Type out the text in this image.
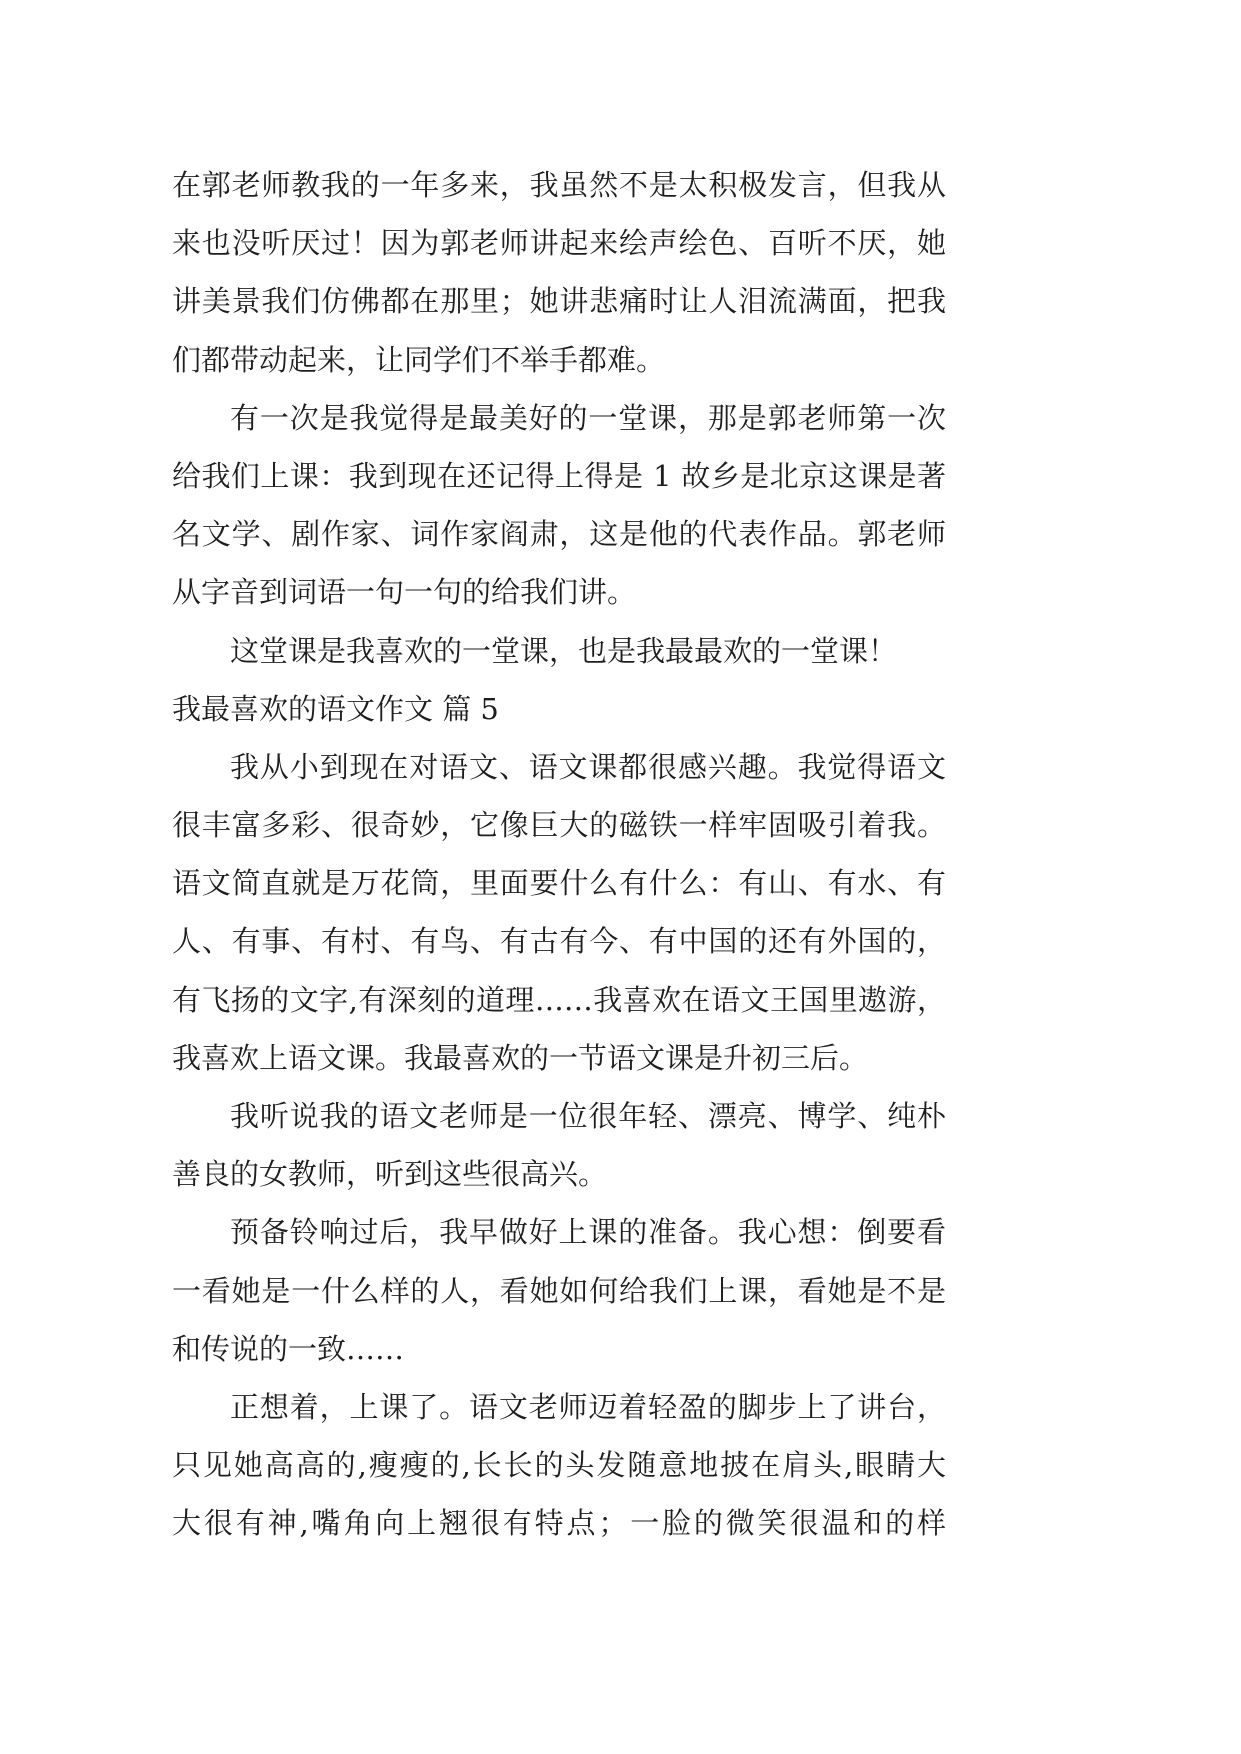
在郭老师教我的一年多来，我虽然不是太积极发言，但我从
来也没听厌过！因为郭老师讲起来绘声绘色、百听不厌，她
讲美景我们仿佛都在那里；她讲悲痛时让人泪流满面，把我
们都带动起来，让同学们不举手都难。
有一次是我觉得是最美好的一堂课，那是郭老师第一次
给我们上课：我到现在还记得上得是 1 故乡是北京这课是著
名文学、剧作家、词作家阎肃，这是他的代表作品。郭老师
从字音到词语一句一句的给我们讲。
这堂课是我喜欢的一堂课，也是我最最欢的一堂课！
我最喜欢的语文作文 篇 5
我从小到现在对语文、语文课都很感兴趣。我觉得语文
很丰富多彩、很奇妙，它像巨大的磁铁一样牢固吸引着我。
语文简直就是万花筒，里面要什么有什么：有山、有水、有
人、有事、有村、有鸟、有古有今、有中国的还有外国的，
有飞扬的文字,有深刻的道理……我喜欢在语文王国里遨游，
我喜欢上语文课。我最喜欢的一节语文课是升初三后。
我听说我的语文老师是一位很年轻、漂亮、博学、纯朴
善良的女教师，听到这些很高兴。
预备铃响过后，我早做好上课的准备。我心想：倒要看
一看她是一什么样的人，看她如何给我们上课，看她是不是
和传说的一致……
正想着，上课了。语文老师迈着轻盈的脚步上了讲台，
只见她高高的,瘦瘦的,长长的头发随意地披在肩头,眼睛大
大很有神,嘴角向上翘很有特点；一脸的微笑很温和的样
